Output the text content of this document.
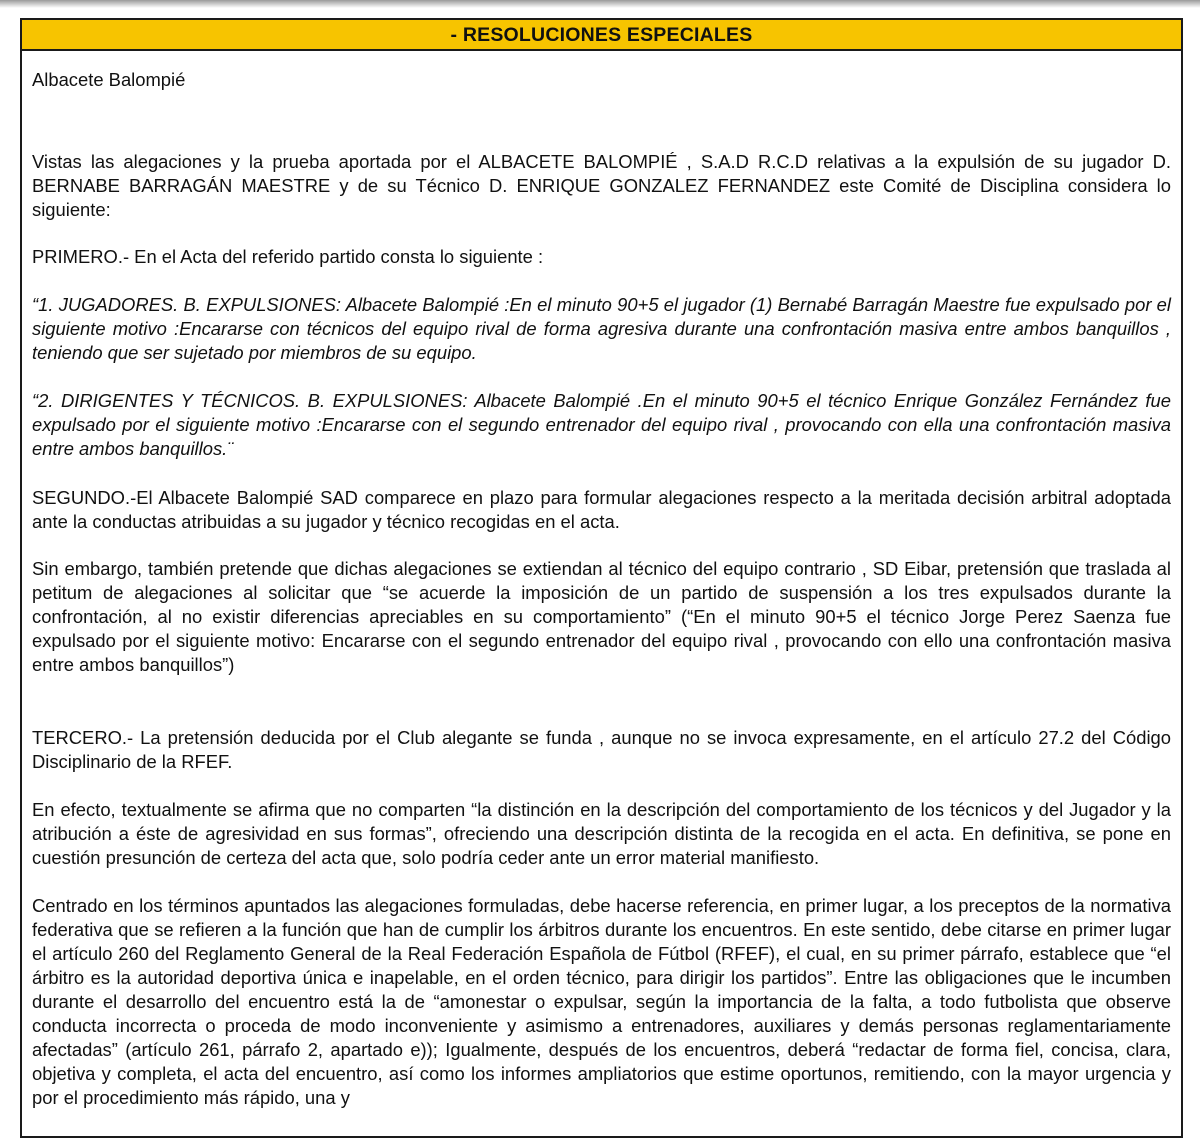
- RESOLUCIONES ESPECIALES

Albacete Balompié

Vistas las alegaciones y la prueba aportada por el ALBACETE BALOMPIÉ , S.A.D R.C.D relativas a la expulsión de su jugador D. BERNABE BARRAGÁN MAESTRE y de su Técnico D. ENRIQUE GONZALEZ FERNANDEZ este Comité de Disciplina considera lo siguiente:

PRIMERO.- En el Acta del referido partido consta lo siguiente :

“1. JUGADORES. B. EXPULSIONES: Albacete Balompié :En el minuto 90+5 el jugador (1) Bernabé Barragán Maestre fue expulsado por el siguiente motivo :Encararse con técnicos del equipo rival de forma agresiva durante una confrontación masiva entre ambos banquillos , teniendo que ser sujetado por miembros de su equipo.

“2. DIRIGENTES Y TÉCNICOS. B. EXPULSIONES: Albacete Balompié .En el minuto 90+5 el técnico Enrique González Fernández fue expulsado por el siguiente motivo :Encararse con el segundo entrenador del equipo rival , provocando con ella una confrontación masiva entre ambos banquillos.¨

SEGUNDO.-El Albacete Balompié SAD comparece en plazo para formular alegaciones respecto a la meritada decisión arbitral adoptada ante la conductas atribuidas a su jugador y técnico recogidas en el acta.

Sin embargo, también pretende que dichas alegaciones se extiendan al técnico del equipo contrario , SD Eibar, pretensión que traslada al petitum de alegaciones al solicitar que “se acuerde la imposición de un partido de suspensión a los tres expulsados durante la confrontación, al no existir diferencias apreciables en su comportamiento” (“En el minuto 90+5 el técnico Jorge Perez Saenza fue expulsado por el siguiente motivo: Encararse con el segundo entrenador del equipo rival , provocando con ello una confrontación masiva entre ambos banquillos”)

TERCERO.- La pretensión deducida por el Club alegante se funda , aunque no se invoca expresamente, en el artículo 27.2 del Código Disciplinario de la RFEF.

En efecto, textualmente se afirma que no comparten “la distinción en la descripción del comportamiento de los técnicos y del Jugador y la atribución a éste de agresividad en sus formas”, ofreciendo una descripción distinta de la recogida en el acta. En definitiva, se pone en cuestión presunción de certeza del acta que, solo podría ceder ante un error material manifiesto.

Centrado en los términos apuntados las alegaciones formuladas, debe hacerse referencia, en primer lugar, a los preceptos de la normativa federativa que se refieren a la función que han de cumplir los árbitros durante los encuentros. En este sentido, debe citarse en primer lugar el artículo 260 del Reglamento General de la Real Federación Española de Fútbol (RFEF), el cual, en su primer párrafo, establece que “el árbitro es la autoridad deportiva única e inapelable, en el orden técnico, para dirigir los partidos”. Entre las obligaciones que le incumben durante el desarrollo del encuentro está la de “amonestar o expulsar, según la importancia de la falta, a todo futbolista que observe conducta incorrecta o proceda de modo inconveniente y asimismo a entrenadores, auxiliares y demás personas reglamentariamente afectadas” (artículo 261, párrafo 2, apartado e)); Igualmente, después de los encuentros, deberá “redactar de forma fiel, concisa, clara, objetiva y completa, el acta del encuentro, así como los informes ampliatorios que estime oportunos, remitiendo, con la mayor urgencia y por el procedimiento más rápido, una y
